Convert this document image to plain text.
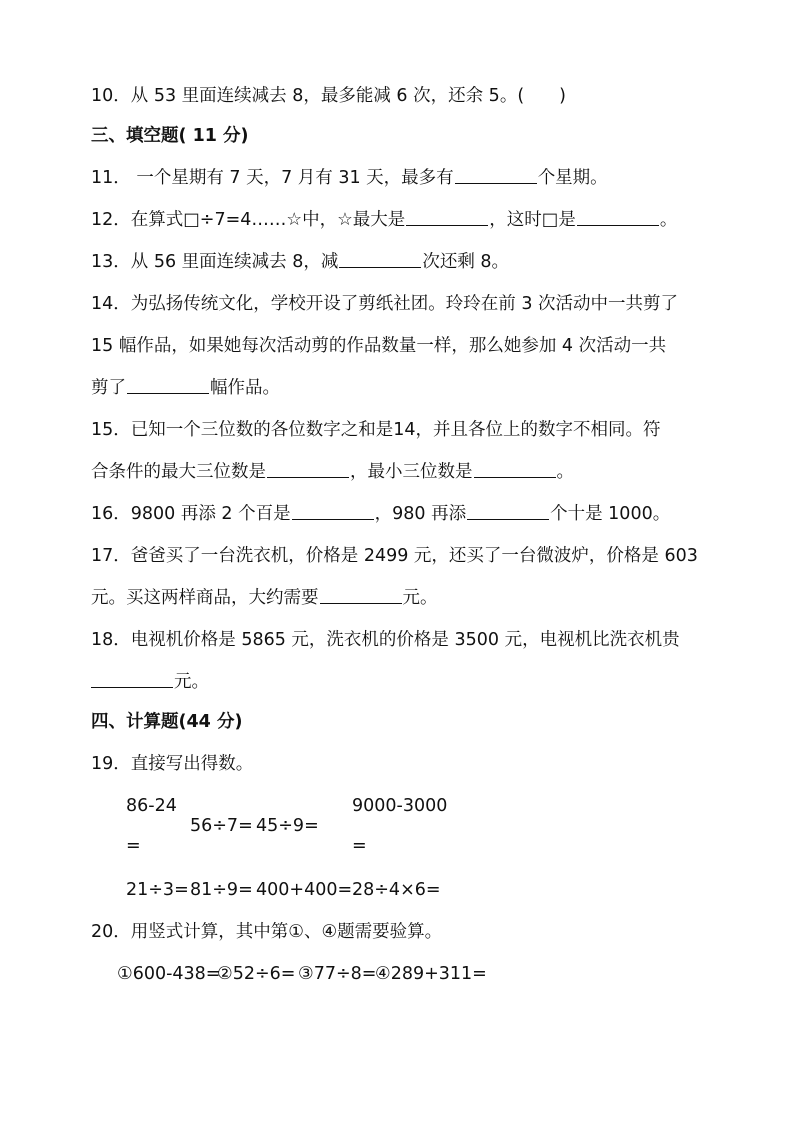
10．从 53 里面连续减去 8，最多能减 6 次，还余 5。(　　)
三、填空题( 11 分)
11． 一个星期有 7 天，7 月有 31 天，最多有	个星期。
12．在算式□÷7=4……☆中，☆最大是	，这时□是	。
13．从 56 里面连续减去 8，减	次还剩 8。
14．为弘扬传统文化，学校开设了剪纸社团。玲玲在前 3 次活动中一共剪了
15 幅作品，如果她每次活动剪的作品数量一样，那么她参加 4 次活动一共
剪了	幅作品。
15．已知一个三位数的各位数字之和是14，并且各位上的数字不相同。符
合条件的最大三位数是	，最小三位数是	。
16．9800 再添 2 个百是	，980 再添	个十是 1000。
17．爸爸买了一台洗衣机，价格是 2499 元，还买了一台微波炉，价格是 603
元。买这两样商品，大约需要	元。
18．电视机价格是 5865 元，洗衣机的价格是 3500 元，电视机比洗衣机贵
元。
四、计算题(44 分)
19．直接写出得数。
86-24
=
56÷7= 45÷9=
9000-3000
=
21÷3= 81÷9= 400+400= 28÷4×6=
20．用竖式计算，其中第①、④题需要验算。
①600-438=
②52÷6= ③77÷8=
④289+311=
